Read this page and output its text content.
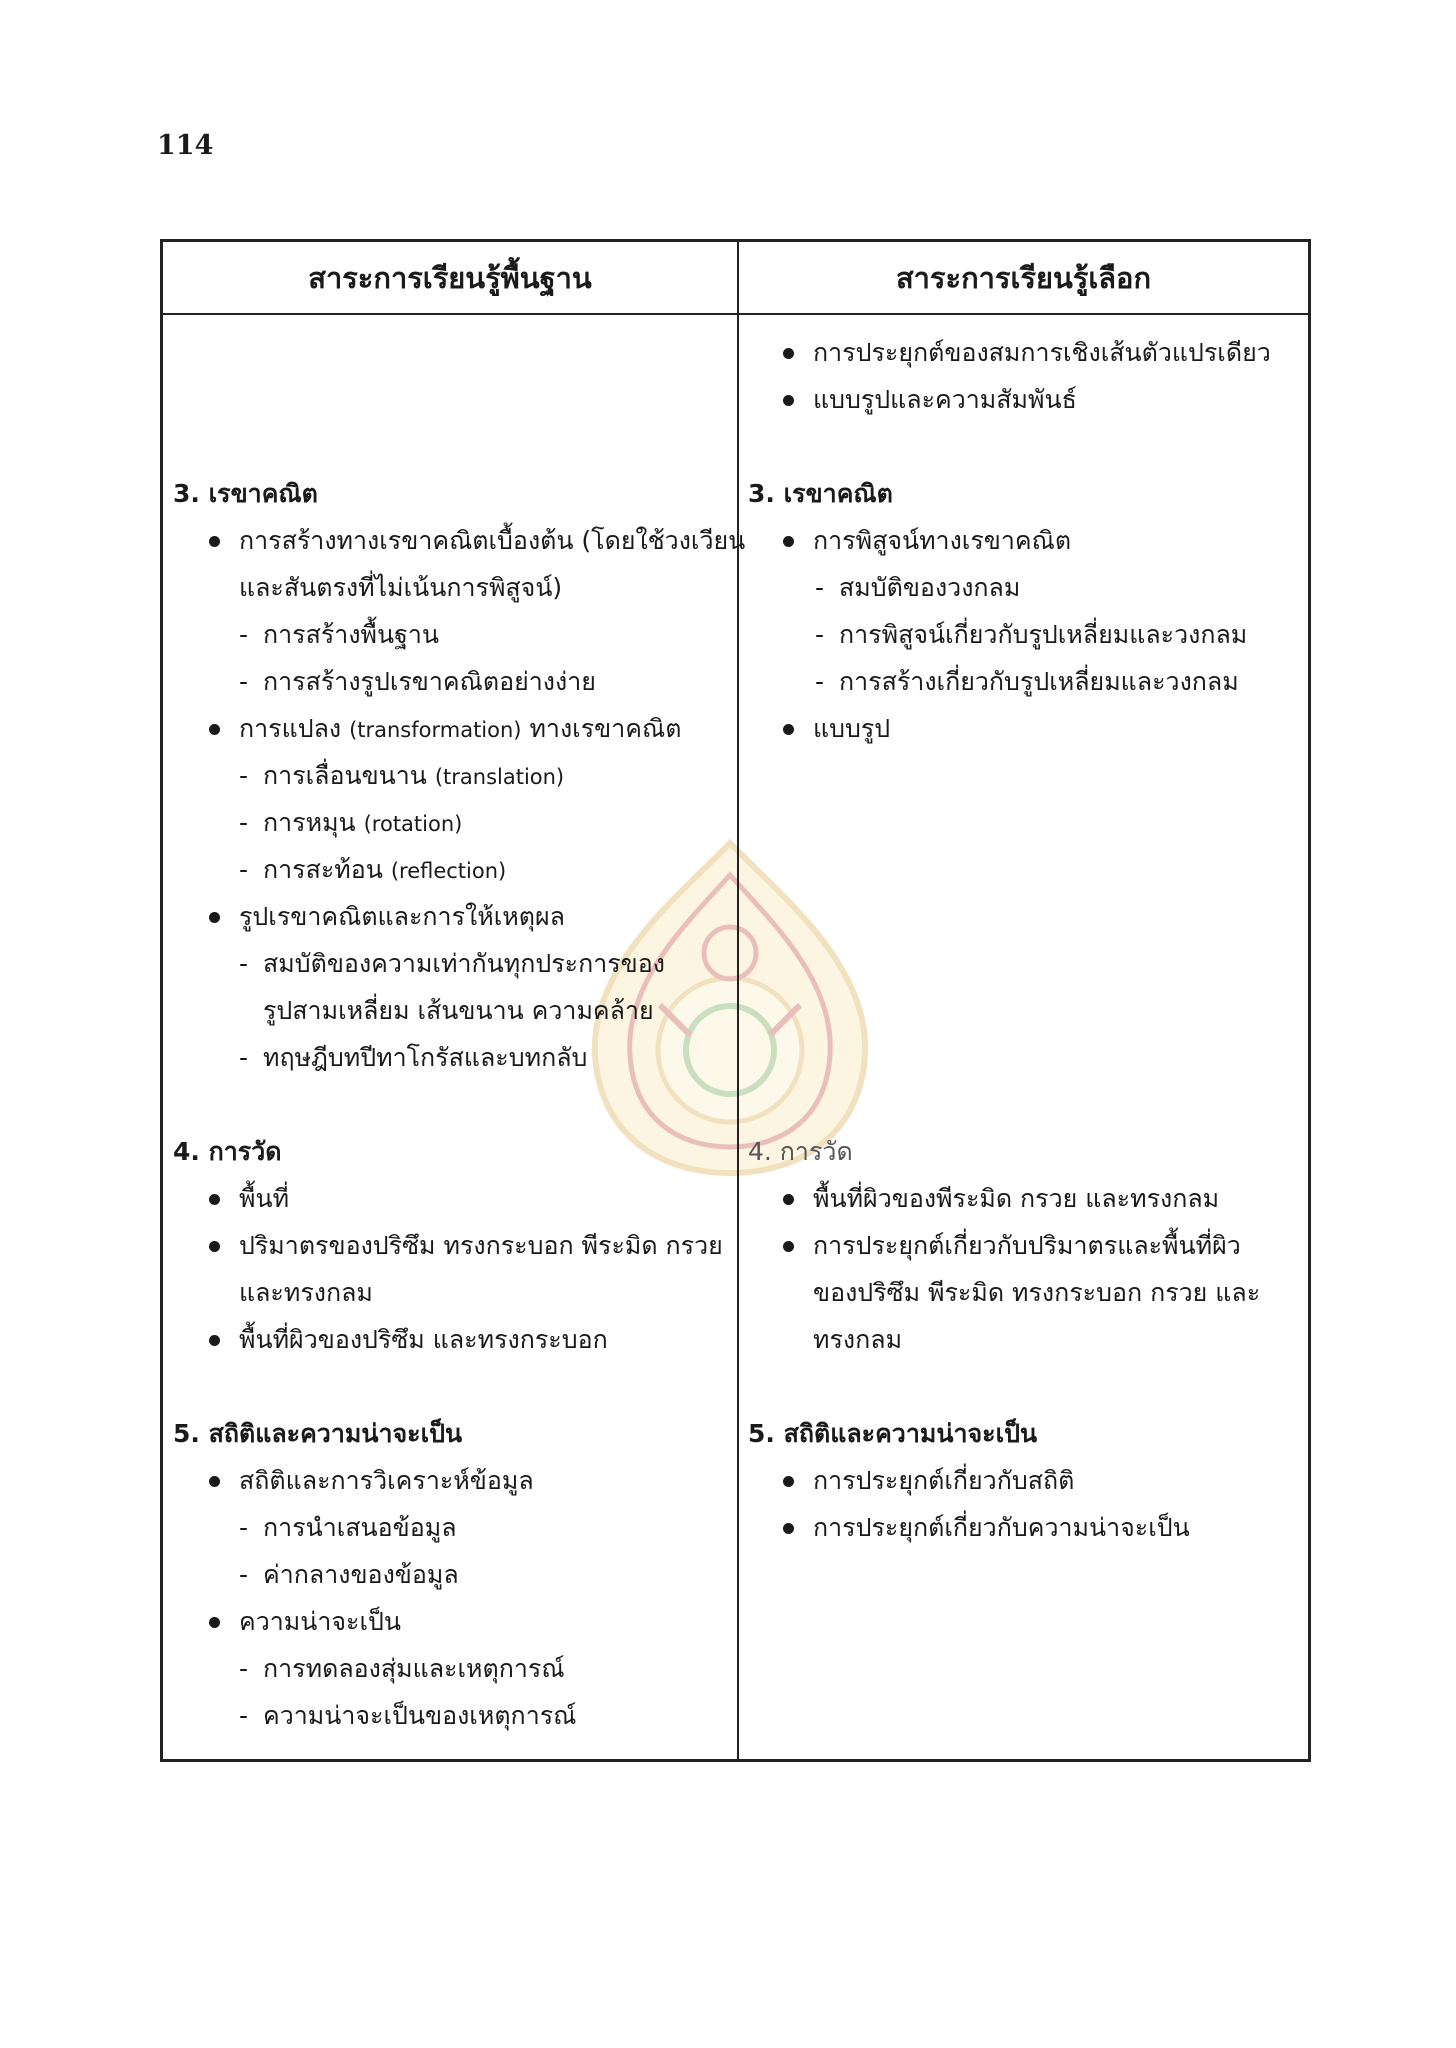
114
สาระการเรียนรู้พื้นฐาน	สาระการเรียนรู้เลือก
3. เรขาคณิต
การสร้างทางเรขาคณิตเบื้องต้น (โดยใช้วงเวียน
และสันตรงที่ไม่เน้นการพิสูจน์)
- การสร้างพื้นฐาน
- การสร้างรูปเรขาคณิตอย่างง่าย
การแปลง (transformation) ทางเรขาคณิต
- การเลื่อนขนาน (translation)
- การหมุน (rotation)
- การสะท้อน (reflection)
รูปเรขาคณิตและการให้เหตุผล
- สมบัติของความเท่ากันทุกประการของ
รูปสามเหลี่ยม เส้นขนาน ความคล้าย
- ทฤษฎีบทปีทาโกรัสและบทกลับ
4. การวัด
พื้นที่
ปริมาตรของปริซึม ทรงกระบอก พีระมิด กรวย
และทรงกลม
พื้นที่ผิวของปริซึม และทรงกระบอก
5. สถิติและความน่าจะเป็น
สถิติและการวิเคราะห์ข้อมูล
- การนำเสนอข้อมูล
- ค่ากลางของข้อมูล
ความน่าจะเป็น
- การทดลองสุ่มและเหตุการณ์
- ความน่าจะเป็นของเหตุการณ์
การประยุกต์ของสมการเชิงเส้นตัวแปรเดียว
แบบรูปและความสัมพันธ์
3. เรขาคณิต
การพิสูจน์ทางเรขาคณิต
- สมบัติของวงกลม
- การพิสูจน์เกี่ยวกับรูปเหลี่ยมและวงกลม
- การสร้างเกี่ยวกับรูปเหลี่ยมและวงกลม
แบบรูป
4. การวัด
พื้นที่ผิวของพีระมิด กรวย และทรงกลม
การประยุกต์เกี่ยวกับปริมาตรและพื้นที่ผิว
ของปริซึม พีระมิด ทรงกระบอก กรวย และ
ทรงกลม
5. สถิติและความน่าจะเป็น
การประยุกต์เกี่ยวกับสถิติ
การประยุกต์เกี่ยวกับความน่าจะเป็น
